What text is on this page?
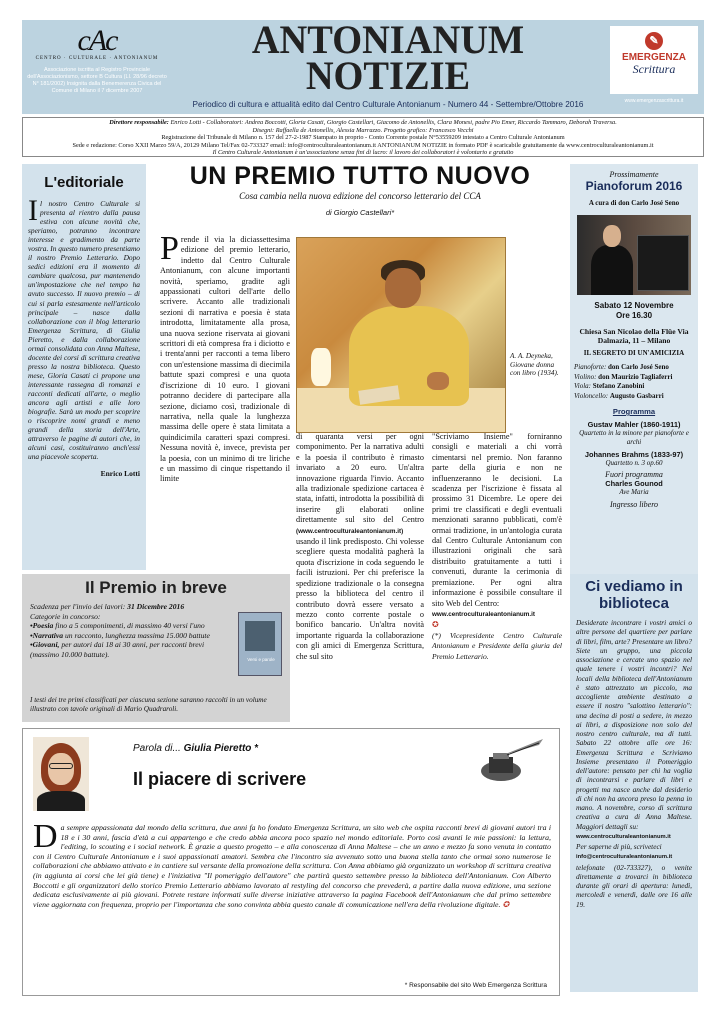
cAc
CENTRO · CULTURALE · ANTONIANUM
Associazione iscritta al Registro Provinciale dell'Associazionismo, settore B Cultura (LI. 28/96 decreto N° 181/2002) Insignita dalla Benemerenza Civica del Comune di Milano il 7 dicembre 2007
ANTONIANUM
NOTIZIE
Periodico di cultura e attualità edito dal Centro Culturale Antonianum - Numero 44 - Settembre/Ottobre 2016
✎
EMERGENZA
Scrittura
www.emergenzascrittura.it
Direttore responsabile: Enrico Lotti - Collaboratori: Andrea Boccotti, Gloria Casati, Giorgio Castellari, Giacomo de Antonellis, Clara Monesi, padre Pio Emer, Riccardo Tammaro, Deborah Traversa.
Disegni: Raffaella de Antonellis, Alessia Marrazzo. Progetto grafico: Francesco Vecchi
Registrazione del Tribunale di Milano n. 157 del 27-2-1987 Stampato in proprio - Conto Corrente postale N°53559209 intestato a Centro Culturale Antonianum
Sede e redazione: Corso XXII Marzo 59/A, 20129 Milano Tel/Fax 02-733327 email: info@centroculturaleantonianum.it ANTONIANUM NOTIZIE in formato PDF è scaricabile gratuitamente da www.centroculturaleantonianum.it
Il Centro Culturale Antonianum è un'associazione senza fini di lucro: il lavoro dei collaboratori è volontario e gratuito
L'editoriale
Il nostro Centro Culturale si presenta al rientro dalla pausa estiva con alcune novità che, speriamo, potranno incontrare interesse e gradimento da parte vostra. In questo numero presentiamo il nostro Premio Letterario. Dopo sedici edizioni era il momento di cambiare qualcosa, pur mantenendo un'impostazione che nel tempo ha avuto successo. Il nuovo premio – di cui si parla estesamente nell'articolo principale – nasce dalla collaborazione con il blog letterario Emergenza Scrittura, di Giulia Pieretto, e dalla collaborazione ormai consolidata con Anna Maltese, docente dei corsi di scrittura creativa presso la nostra biblioteca. Questo mese, Gloria Casati ci propone una interessante rassegna di romanzi e racconti dedicati all'arte, o meglio ancora agli artisti e alle loro biografie. Sarà un modo per scoprire o riscoprire nomi grandi e meno grandi della storia dell'Arte, attraverso le pagine di autori che, in alcuni casi, costituiranno anch'essi una piacevole scoperta.
Enrico Lotti
UN PREMIO TUTTO NUOVO
Cosa cambia nella nuova edizione del concorso letterario del CCA
di Giorgio Castellari*
Prende il via la diciassettesima edizione del premio letterario, indetto dal Centro Culturale Antonianum, con alcune importanti novità, speriamo, gradite agli appassionati cultori dell'arte dello scrivere. Accanto alle tradizionali sezioni di narrativa e poesia è stata introdotta, limitatamente alla prosa, una nuova sezione riservata ai giovani scrittori di età compresa fra i diciotto e i trenta'anni per racconti a tema libero con un'estensione massima di diecimila battute spazi compresi e una quota d'iscrizione di 10 euro. I giovani potranno decidere di partecipare alla sezione, diciamo così, tradizionale di narrativa, nella quale la lunghezza massima delle opere è stata limitata a quindicimila caratteri spazi compresi. Nessuna novità è, invece, prevista per la poesia, con un minimo di tre liriche e un massimo di cinque rispettando il limite
A. A. Deyneka, Giovane donna con libro (1934).
di quaranta versi per ogni componimento. Per la narrativa adulti e la poesia il contributo è rimasto invariato a 20 euro. Un'altra innovazione riguarda l'invio. Accanto alla tradizionale spedizione cartacea è stata, infatti, introdotta la possibilità di inserire gli elaborati online direttamente sul sito del Centro (www.centroculturaleantonianum.it) usando il link predisposto. Chi volesse scegliere questa modalità pagherà la quota d'iscrizione in coda seguendo le facili istruzioni. Per chi preferisce la spedizione tradizionale o la consegna presso la biblioteca del centro il contributo dovrà essere versato a mezzo conto corrente postale o bonifico bancario. Un'altra novità importante riguarda la collaborazione con gli amici di Emergenza Scrittura, che sul sito
"Scriviamo Insieme" forniranno consigli e materiali a chi vorrà cimentarsi nel premio. Non faranno parte della giuria e non ne influenzeranno le decisioni. La scadenza per l'iscrizione è fissata al prossimo 31 Dicembre. Le opere dei primi tre classificati e degli eventuali menzionati saranno pubblicati, com'è ormai tradizione, in un'antologia curata dal Centro Culturale Antonianum con illustrazioni originali che sarà distribuito gratuitamente a tutti i convenuti, durante la cerimonia di premiazione. Per ogni altra informazione è possibile consultare il sito Web del Centro:
www.centroculturaleantonianum.it
✪
(*) Vicepresidente Centro Culturale Antonianum e Presidente della giuria del Premio Letterario.
Prossimamente
Pianoforum 2016
A cura di don Carlo José Seno
Sabato 12 Novembre
Ore 16.30
Chiesa San Nicolao della Flüe Via Dalmazia, 11 – Milano
IL SEGRETO DI UN'AMICIZIA
Pianoforte: don Carlo José Seno
Violino: don Maurizio Tagliaferri
Viola: Stefano Zanobini
Violoncello: Augusto Gasbarri
Programma
Gustav Mahler (1860-1911)
Quartetto in la minore per pianoforte e archi
Johannes Brahms (1833-97)
Quartetto n. 3 op.60
Fuori programma
Charles Gounod
Ave Maria
Ingresso libero
Il Premio in breve
Scadenza per l'invio dei lavori: 31 Dicembre 2016
Categorie in concorso:
•Poesia fino a 5 componimenti, di massimo 40 versi l'uno
•Narrativa un racconto, lunghezza massima 15.000 battute
•Giovani, per autori dai 18 ai 30 anni, per racconti brevi (massimo 10.000 battute).
I testi dei tre primi classificati per ciascuna sezione saranno raccolti in un volume illustrato con tavole originali di Mario Quadraroli.
Versi e parole
Ci vediamo in biblioteca
Desiderate incontrare i vostri amici o altre persone del quartiere per parlare di libri, film, arte? Presentare un libro? Siete un gruppo, una piccola associazione e cercate uno spazio nel quale tenere i vostri incontri? Nei locali della biblioteca dell'Antonianum è stato attrezzato un piccolo, ma accogliente ambiente destinato a essere il nostro "salottino letterario": una decina di posti a sedere, in mezzo ai libri, a disposizione non solo del nostro centro culturale, ma di tutti. Sabato 22 ottobre alle ore 16: Emergenza Scrittura e Scriviamo Insieme presentano il Pomeriggio dell'autore: pensato per chi ha voglia di incontrarsi e parlare di libri e progetti ma nasce anche dal desiderio di chi non ha ancora preso la penna in mano. A novembre, corso di scrittura creativa a cura di Anna Maltese. Maggiori dettagli su:
www.centroculturaleantonianum.it
Per saperne di più, scriveteci
info@centroculturaleantonianum.it
telefonate (02-733327), o venite direttamente a trovarci in biblioteca durante gli orari di apertura: lunedì, mercoledì e venerdì, dalle ore 16 alle 19.
Parola di... Giulia Pieretto *
Il piacere di scrivere
Da sempre appassionata dal mondo della scrittura, due anni fa ho fondato Emergenza Scrittura, un sito web che ospita racconti brevi di giovani autori tra i 18 e i 30 anni, fascia d'età a cui appartengo e che credo abbia ancora poco spazio nel mondo editoriale. Porto così avanti le mie passioni: la lettura, l'editing, lo scouting e i social network. È grazie a questo progetto – e alla conoscenza di Anna Maltese – che un anno e mezzo fa sono venuta in contatto con il Centro Culturale Antonianum e i suoi appassionati amatori. Sembra che l'incontro sia avvenuto sotto una buona stella tanto che ormai sono numerose le collaborazioni che abbiamo attivato e in cantiere sul versante della promozione della scrittura. Con Anna abbiamo già organizzato un workshop di scrittura creativa (in aggiunta ai corsi che lei già tiene) e l'iniziativa "Il pomeriggio dell'autore" che partirà questo settembre presso la biblioteca dell'Antonianum. Con Alberto Boccotti e gli organizzatori dello storico Premio Letterario abbiamo lavorato al restyling del concorso che prevederà, a partire dalla nuova edizione, una sezione dedicata esclusivamente ai più giovani. Potrete restare informati sulle diverse iniziative attraverso la pagina Facebook dell'Antonianum che dal primo settembre viene aggiornata con frequenza, proprio per l'importanza che sono convinta abbia questo canale di comunicazione nell'era della rivoluzione digitale. ✪
* Responsabile del sito Web Emergenza Scrittura
